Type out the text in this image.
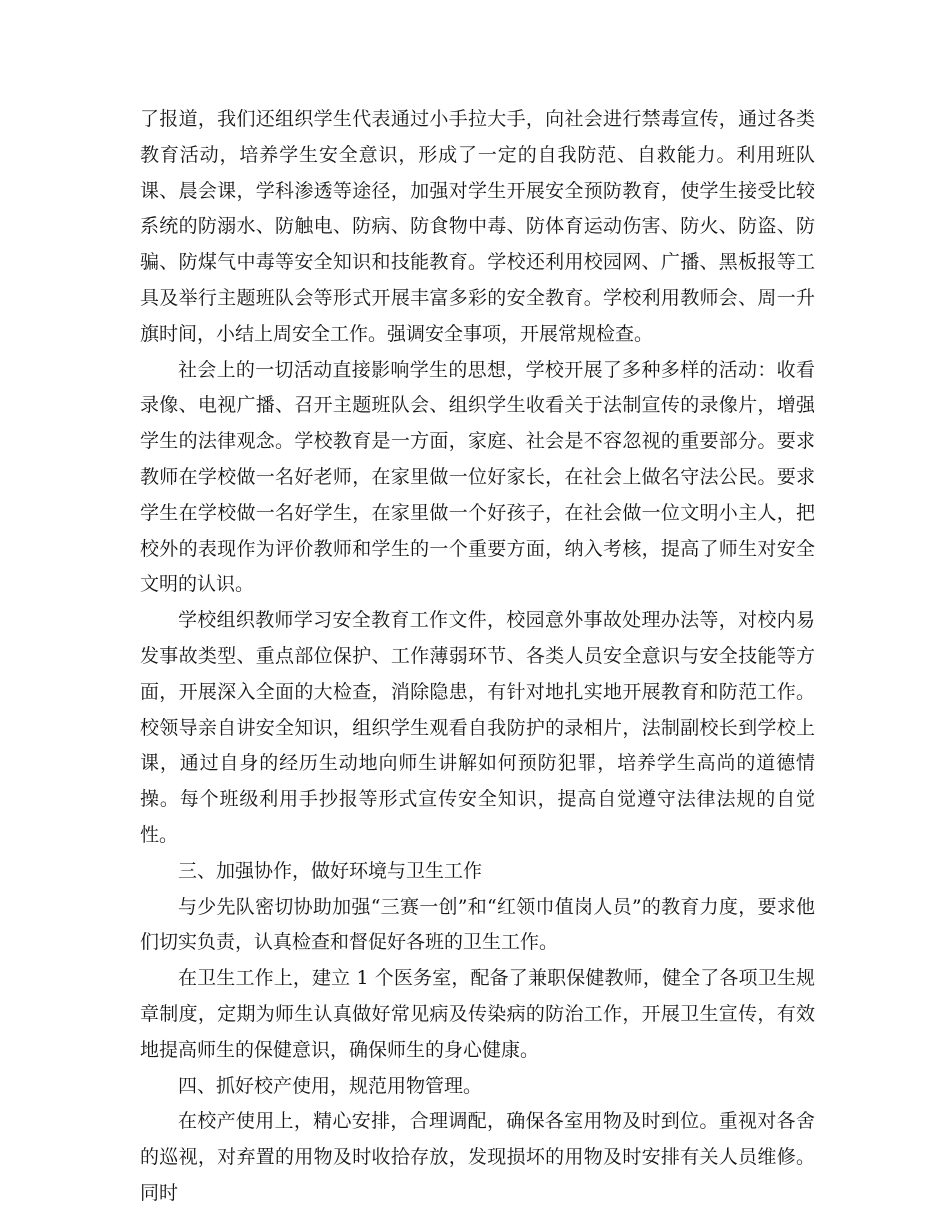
了报道，我们还组织学生代表通过小手拉大手，向社会进行禁毒宣传，通过各类教育活动，培养学生安全意识，形成了一定的自我防范、自救能力。利用班队课、晨会课，学科渗透等途径，加强对学生开展安全预防教育，使学生接受比较系统的防溺水、防触电、防病、防食物中毒、防体育运动伤害、防火、防盗、防骗、防煤气中毒等安全知识和技能教育。学校还利用校园网、广播、黑板报等工具及举行主题班队会等形式开展丰富多彩的安全教育。学校利用教师会、周一升旗时间，小结上周安全工作。强调安全事项，开展常规检查。

社会上的一切活动直接影响学生的思想，学校开展了多种多样的活动：收看录像、电视广播、召开主题班队会、组织学生收看关于法制宣传的录像片，增强学生的法律观念。学校教育是一方面，家庭、社会是不容忽视的重要部分。要求教师在学校做一名好老师，在家里做一位好家长，在社会上做名守法公民。要求学生在学校做一名好学生，在家里做一个好孩子，在社会做一位文明小主人，把校外的表现作为评价教师和学生的一个重要方面，纳入考核，提高了师生对安全文明的认识。

学校组织教师学习安全教育工作文件，校园意外事故处理办法等，对校内易发事故类型、重点部位保护、工作薄弱环节、各类人员安全意识与安全技能等方面，开展深入全面的大检查，消除隐患，有针对地扎实地开展教育和防范工作。校领导亲自讲安全知识，组织学生观看自我防护的录相片，法制副校长到学校上课，通过自身的经历生动地向师生讲解如何预防犯罪，培养学生高尚的道德情操。每个班级利用手抄报等形式宣传安全知识，提高自觉遵守法律法规的自觉性。

三、加强协作，做好环境与卫生工作

与少先队密切协助加强“三赛一创”和“红领巾值岗人员”的教育力度，要求他们切实负责，认真检查和督促好各班的卫生工作。

在卫生工作上，建立 1 个医务室，配备了兼职保健教师，健全了各项卫生规章制度，定期为师生认真做好常见病及传染病的防治工作，开展卫生宣传，有效地提高师生的保健意识，确保师生的身心健康。

四、抓好校产使用，规范用物管理。

在校产使用上，精心安排，合理调配，确保各室用物及时到位。重视对各舍的巡视，对弃置的用物及时收拾存放，发现损坏的用物及时安排有关人员维修。同时
